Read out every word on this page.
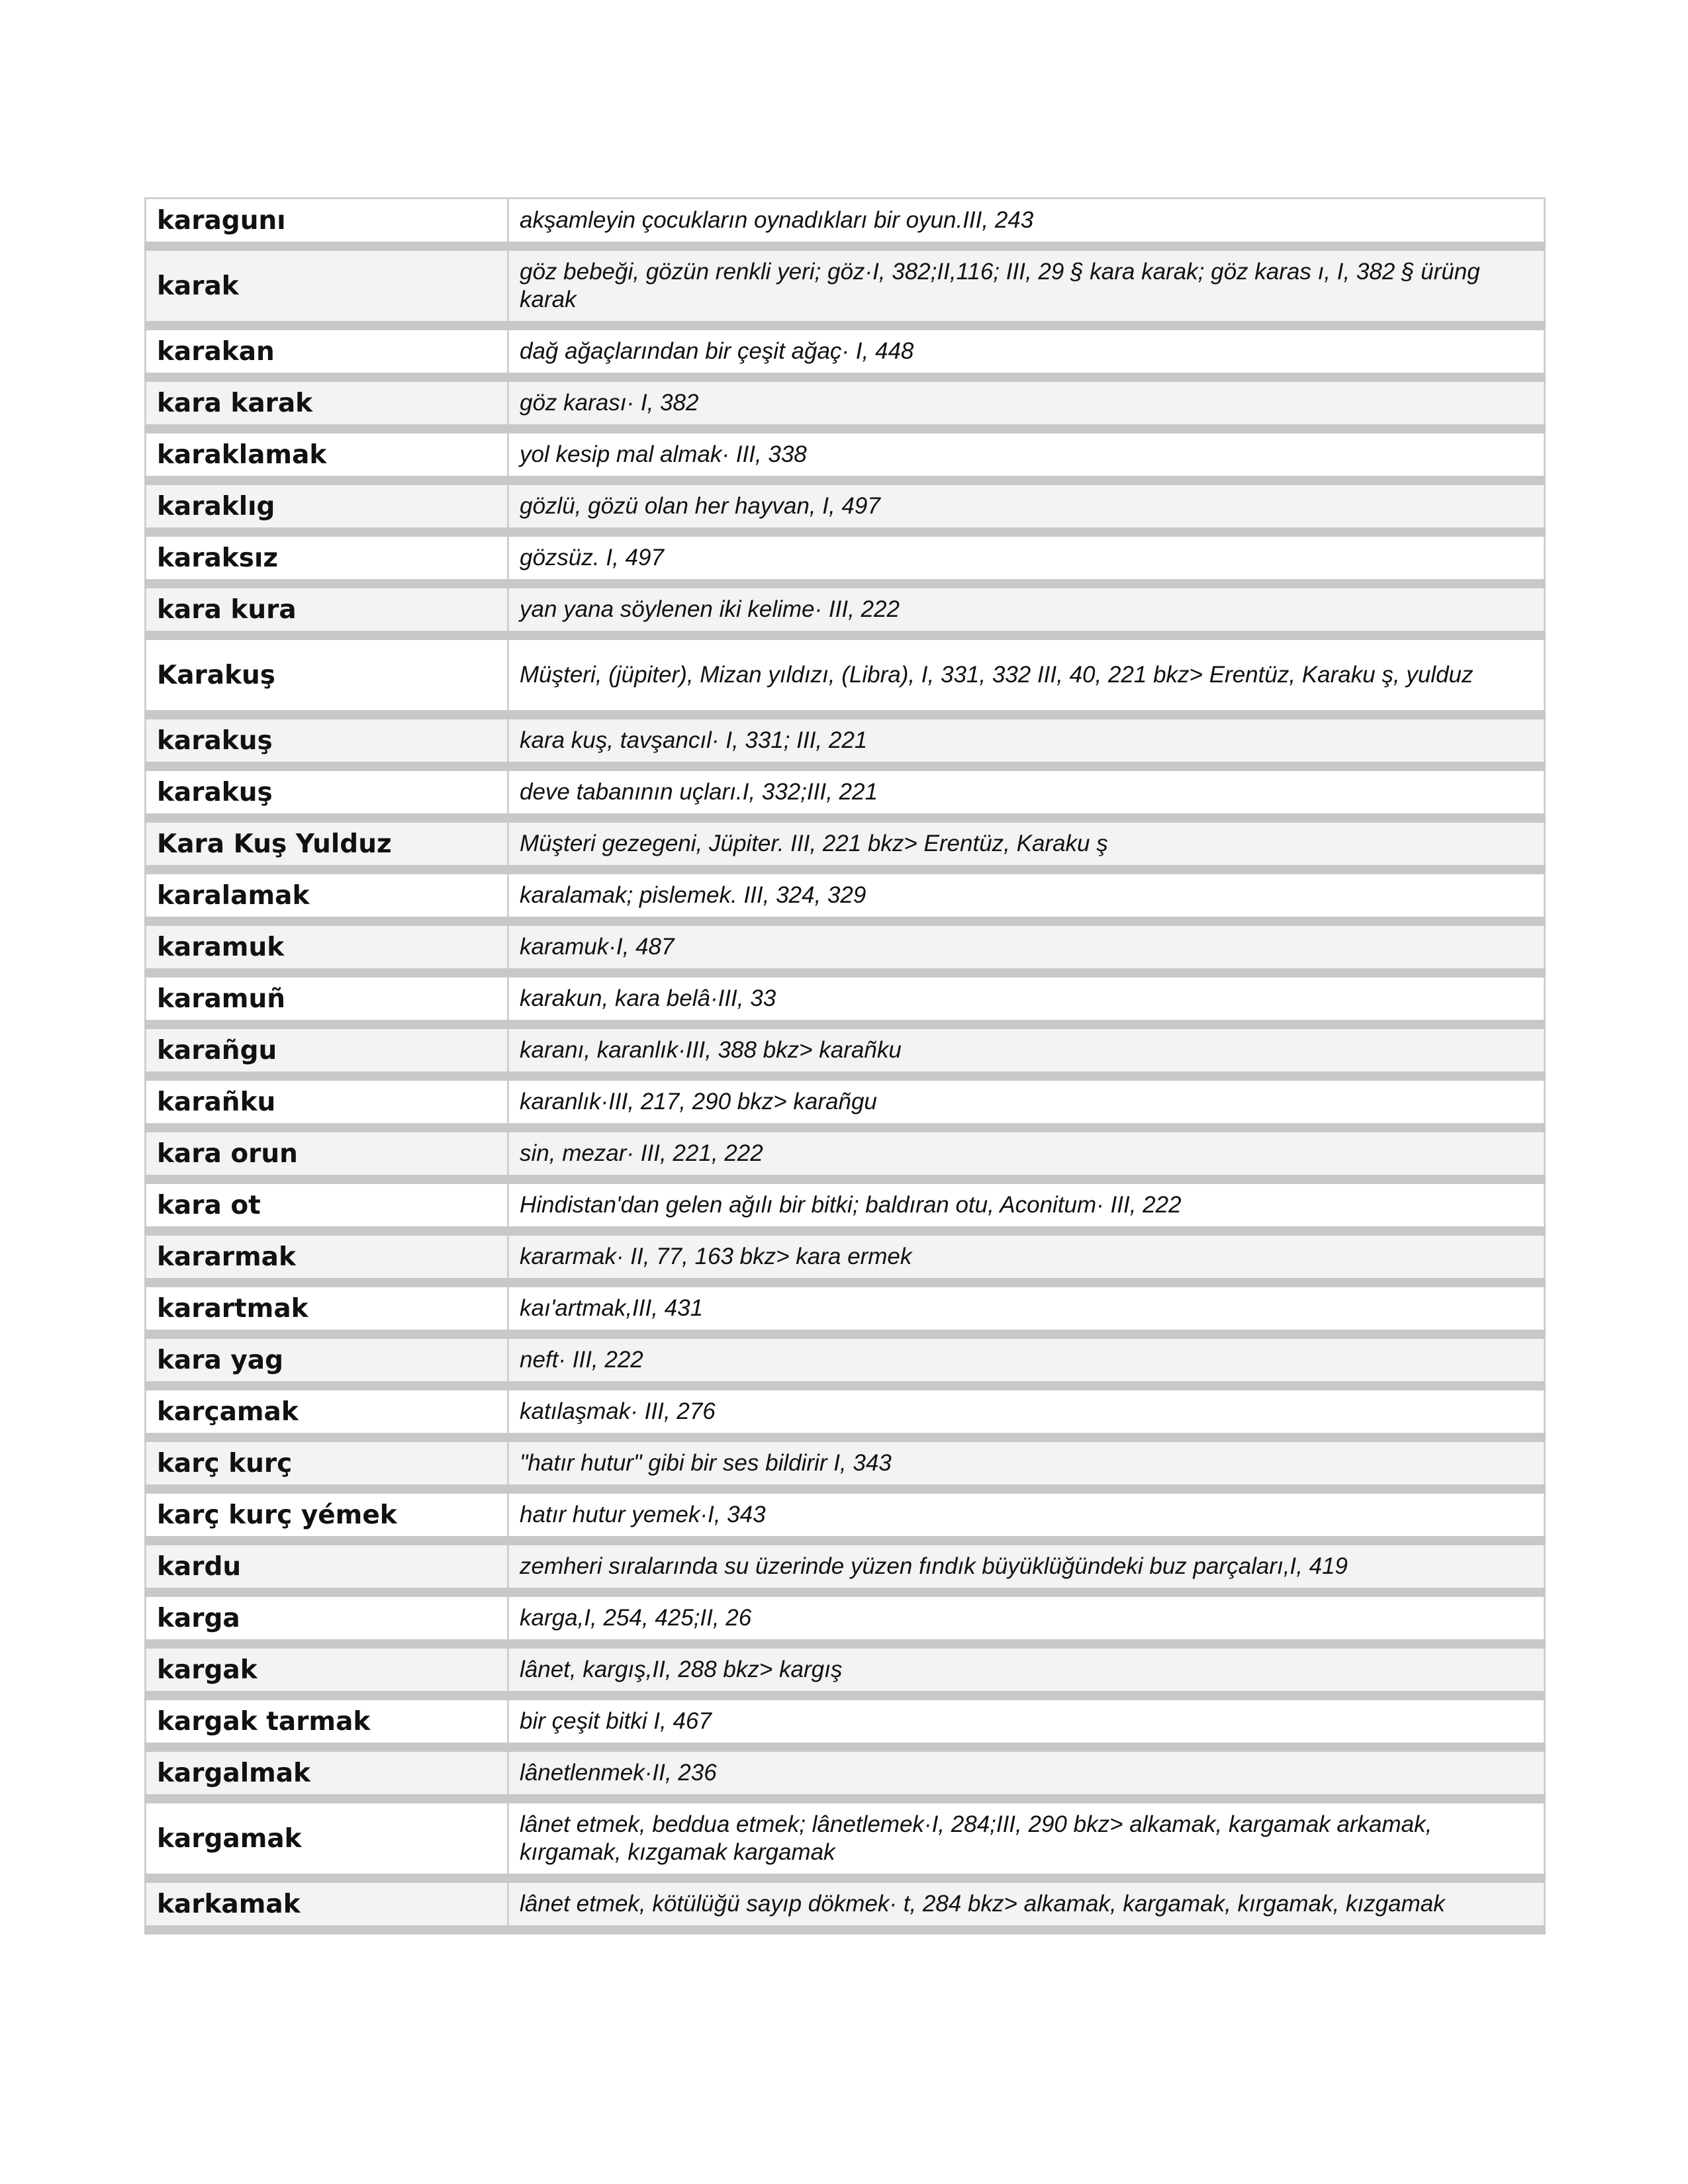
karagunı	akşamleyin çocukların oynadıkları bir oyun.III, 243
karak	göz bebeği, gözün renkli yeri; göz·I, 382;II,116; III, 29 § kara karak; göz karas ı, I, 382 § ürüng karak
karakan	dağ ağaçlarından bir çeşit ağaç· I, 448
kara karak	göz karası· I, 382
karaklamak	yol kesip mal almak· III, 338
karaklıg	gözlü, gözü olan her hayvan, I, 497
karaksız	gözsüz. I, 497
kara kura	yan yana söylenen iki kelime· III, 222
Karakuş	Müşteri, (jüpiter), Mizan yıldızı, (Libra), I, 331, 332 III, 40, 221 bkz> Erentüz, Karaku ş, yulduz
karakuş	kara kuş, tavşancıl· I, 331; III, 221
karakuş	deve tabanının uçları.I, 332;III, 221
Kara Kuş Yulduz	Müşteri gezegeni, Jüpiter. III, 221 bkz> Erentüz, Karaku ş
karalamak	karalamak; pislemek. III, 324, 329
karamuk	karamuk·I, 487
karamuñ	karakun, kara belâ·III, 33
karañgu	karanı, karanlık·III, 388 bkz> karañku
karañku	karanlık·III, 217, 290 bkz> karañgu
kara orun	sin, mezar· III, 221, 222
kara ot	Hindistan'dan gelen ağılı bir bitki; baldıran otu, Aconitum· III, 222
kararmak	kararmak· II, 77, 163 bkz> kara ermek
karartmak	kaı'artmak,III, 431
kara yag	neft· III, 222
karçamak	katılaşmak· III, 276
karç kurç	"hatır hutur" gibi bir ses bildirir I, 343
karç kurç yémek	hatır hutur yemek·I, 343
kardu	zemheri sıralarında su üzerinde yüzen fındık büyüklüğündeki buz parçaları,I, 419
karga	karga,I, 254, 425;II, 26
kargak	lânet, kargış,II, 288 bkz> kargış
kargak tarmak	bir çeşit bitki I, 467
kargalmak	lânetlenmek·II, 236
kargamak	lânet etmek, beddua etmek; lânetlemek·I, 284;III, 290 bkz> alkamak, kargamak arkamak, kırgamak, kızgamak kargamak
karkamak	lânet etmek, kötülüğü sayıp dökmek· t, 284 bkz> alkamak, kargamak, kırgamak, kızgamak
